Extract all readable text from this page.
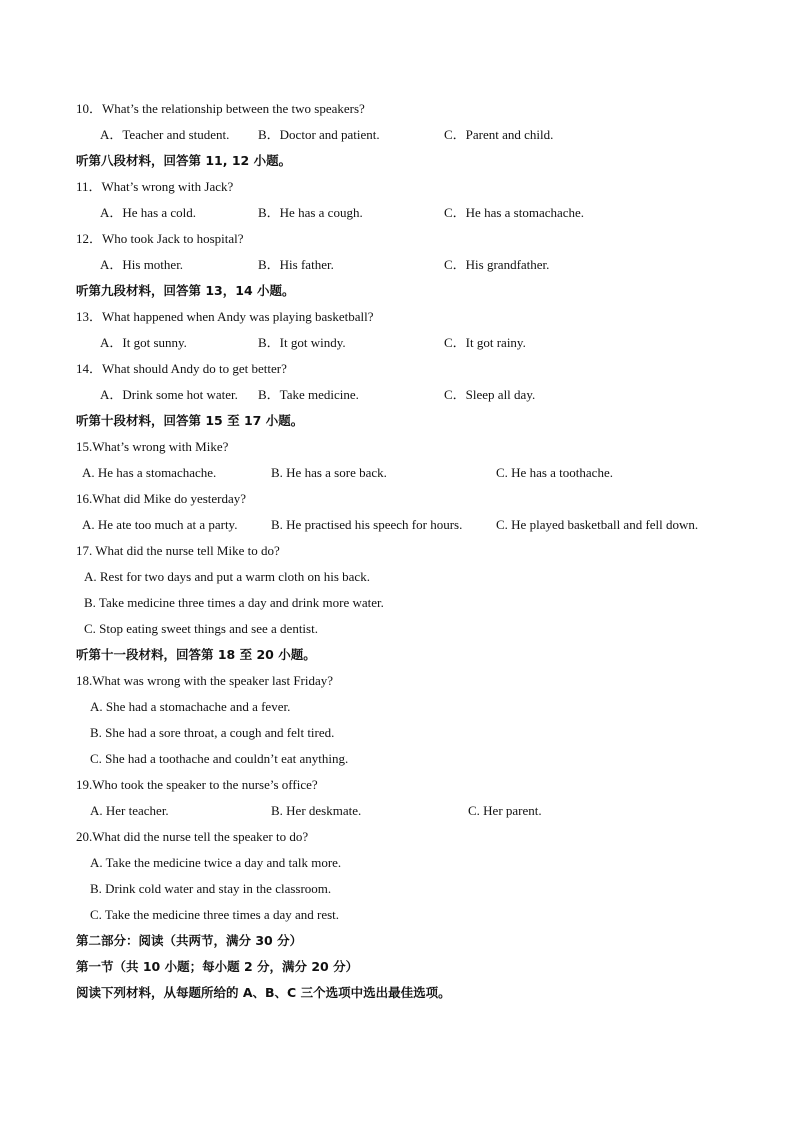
10．What’s the relationship between the two speakers?
A．Teacher and student. B．Doctor and patient.	C．Parent and child.
听第八段材料，回答第 11, 12 小题。
11．What’s wrong with Jack?
A．He has a cold.	B．He has a cough.	C．He has a stomachache.
12．Who took Jack to hospital?
A．His mother.	B．His father.	C．His grandfather.
听第九段材料，回答第 13，14 小题。
13．What happened when Andy was playing basketball?
A．It got sunny.	B．It got windy.	C．It got rainy.
14．What should Andy do to get better?
A．Drink some hot water. B．Take medicine.	C．Sleep all day.
听第十段材料，回答第 15 至 17 小题。
15.What’s wrong with Mike?
A. He has a stomachache.	B. He has a sore back.	C. He has a toothache.
16.What did Mike do yesterday?
A. He ate too much at a party.	B. He practised his speech for hours.	C. He played basketball and fell down.
17. What did the nurse tell Mike to do?
A. Rest for two days and put a warm cloth on his back.
B. Take medicine three times a day and drink more water.
C. Stop eating sweet things and see a dentist.
听第十一段材料，回答第 18 至 20 小题。
18.What was wrong with the speaker last Friday?
A. She had a stomachache and a fever.
B. She had a sore throat, a cough and felt tired.
C. She had a toothache and couldn’t eat anything.
19.Who took the speaker to the nurse’s office?
A. Her teacher.	B. Her deskmate.	C. Her parent.
20.What did the nurse tell the speaker to do?
A. Take the medicine twice a day and talk more.
B. Drink cold water and stay in the classroom.
C. Take the medicine three times a day and rest.
第二部分：阅读（共两节，满分 30 分）
第一节（共 10 小题；每小题 2 分，满分 20 分）
阅读下列材料，从每题所给的 A、B、C 三个选项中选出最佳选项。
